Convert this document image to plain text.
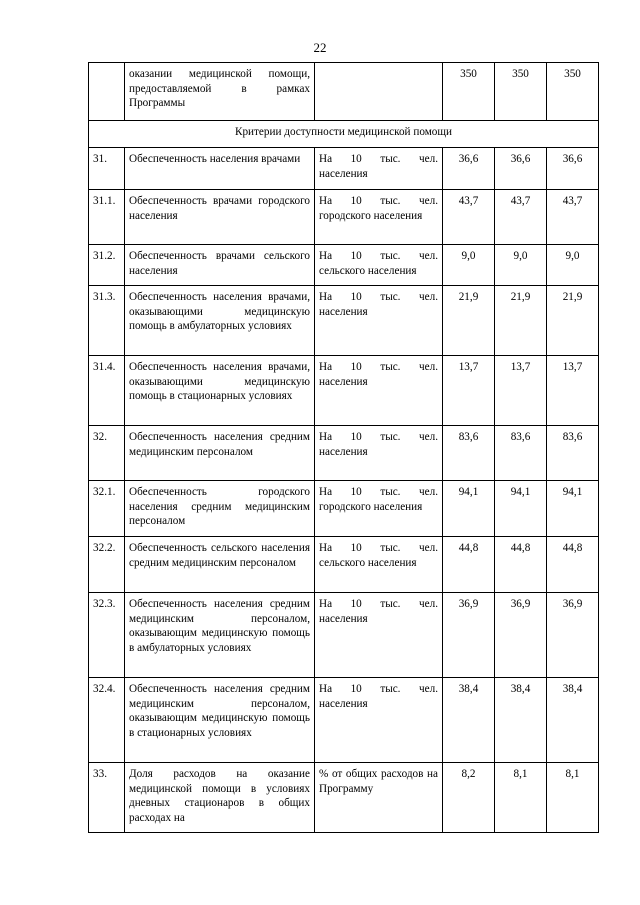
22
	оказании медицинской помощи, предоставляемой в рамках Программы		350	350	350
Критерии доступности медицинской помощи					
31.	Обеспеченность населения врачами	На 10 тыс. чел. населения	36,6	36,6	36,6
31.1.	Обеспеченность врачами городского населения	На 10 тыс. чел. городского населения	43,7	43,7	43,7
31.2.	Обеспеченность врачами сельского населения	На 10 тыс. чел. сельского населения	9,0	9,0	9,0
31.3.	Обеспеченность населения врачами, оказывающими медицинскую помощь в амбулаторных условиях	На 10 тыс. чел. населения	21,9	21,9	21,9
31.4.	Обеспеченность населения врачами, оказывающими медицинскую помощь в стационарных условиях	На 10 тыс. чел. населения	13,7	13,7	13,7
32.	Обеспеченность населения средним медицинским персоналом	На 10 тыс. чел. населения	83,6	83,6	83,6
32.1.	Обеспеченность городского населения средним медицинским персоналом	На 10 тыс. чел. городского населения	94,1	94,1	94,1
32.2.	Обеспеченность сельского населения средним медицинским персоналом	На 10 тыс. чел. сельского населения	44,8	44,8	44,8
32.3.	Обеспеченность населения средним медицинским персоналом, оказывающим медицинскую помощь в амбулаторных условиях	На 10 тыс. чел. населения	36,9	36,9	36,9
32.4.	Обеспеченность населения средним медицинским персоналом, оказывающим медицинскую помощь в стационарных условиях	На 10 тыс. чел. населения	38,4	38,4	38,4
33.	Доля расходов на оказание медицинской помощи в условиях дневных стационаров в общих расходах на	% от общих расходов на Программу	8,2	8,1	8,1
